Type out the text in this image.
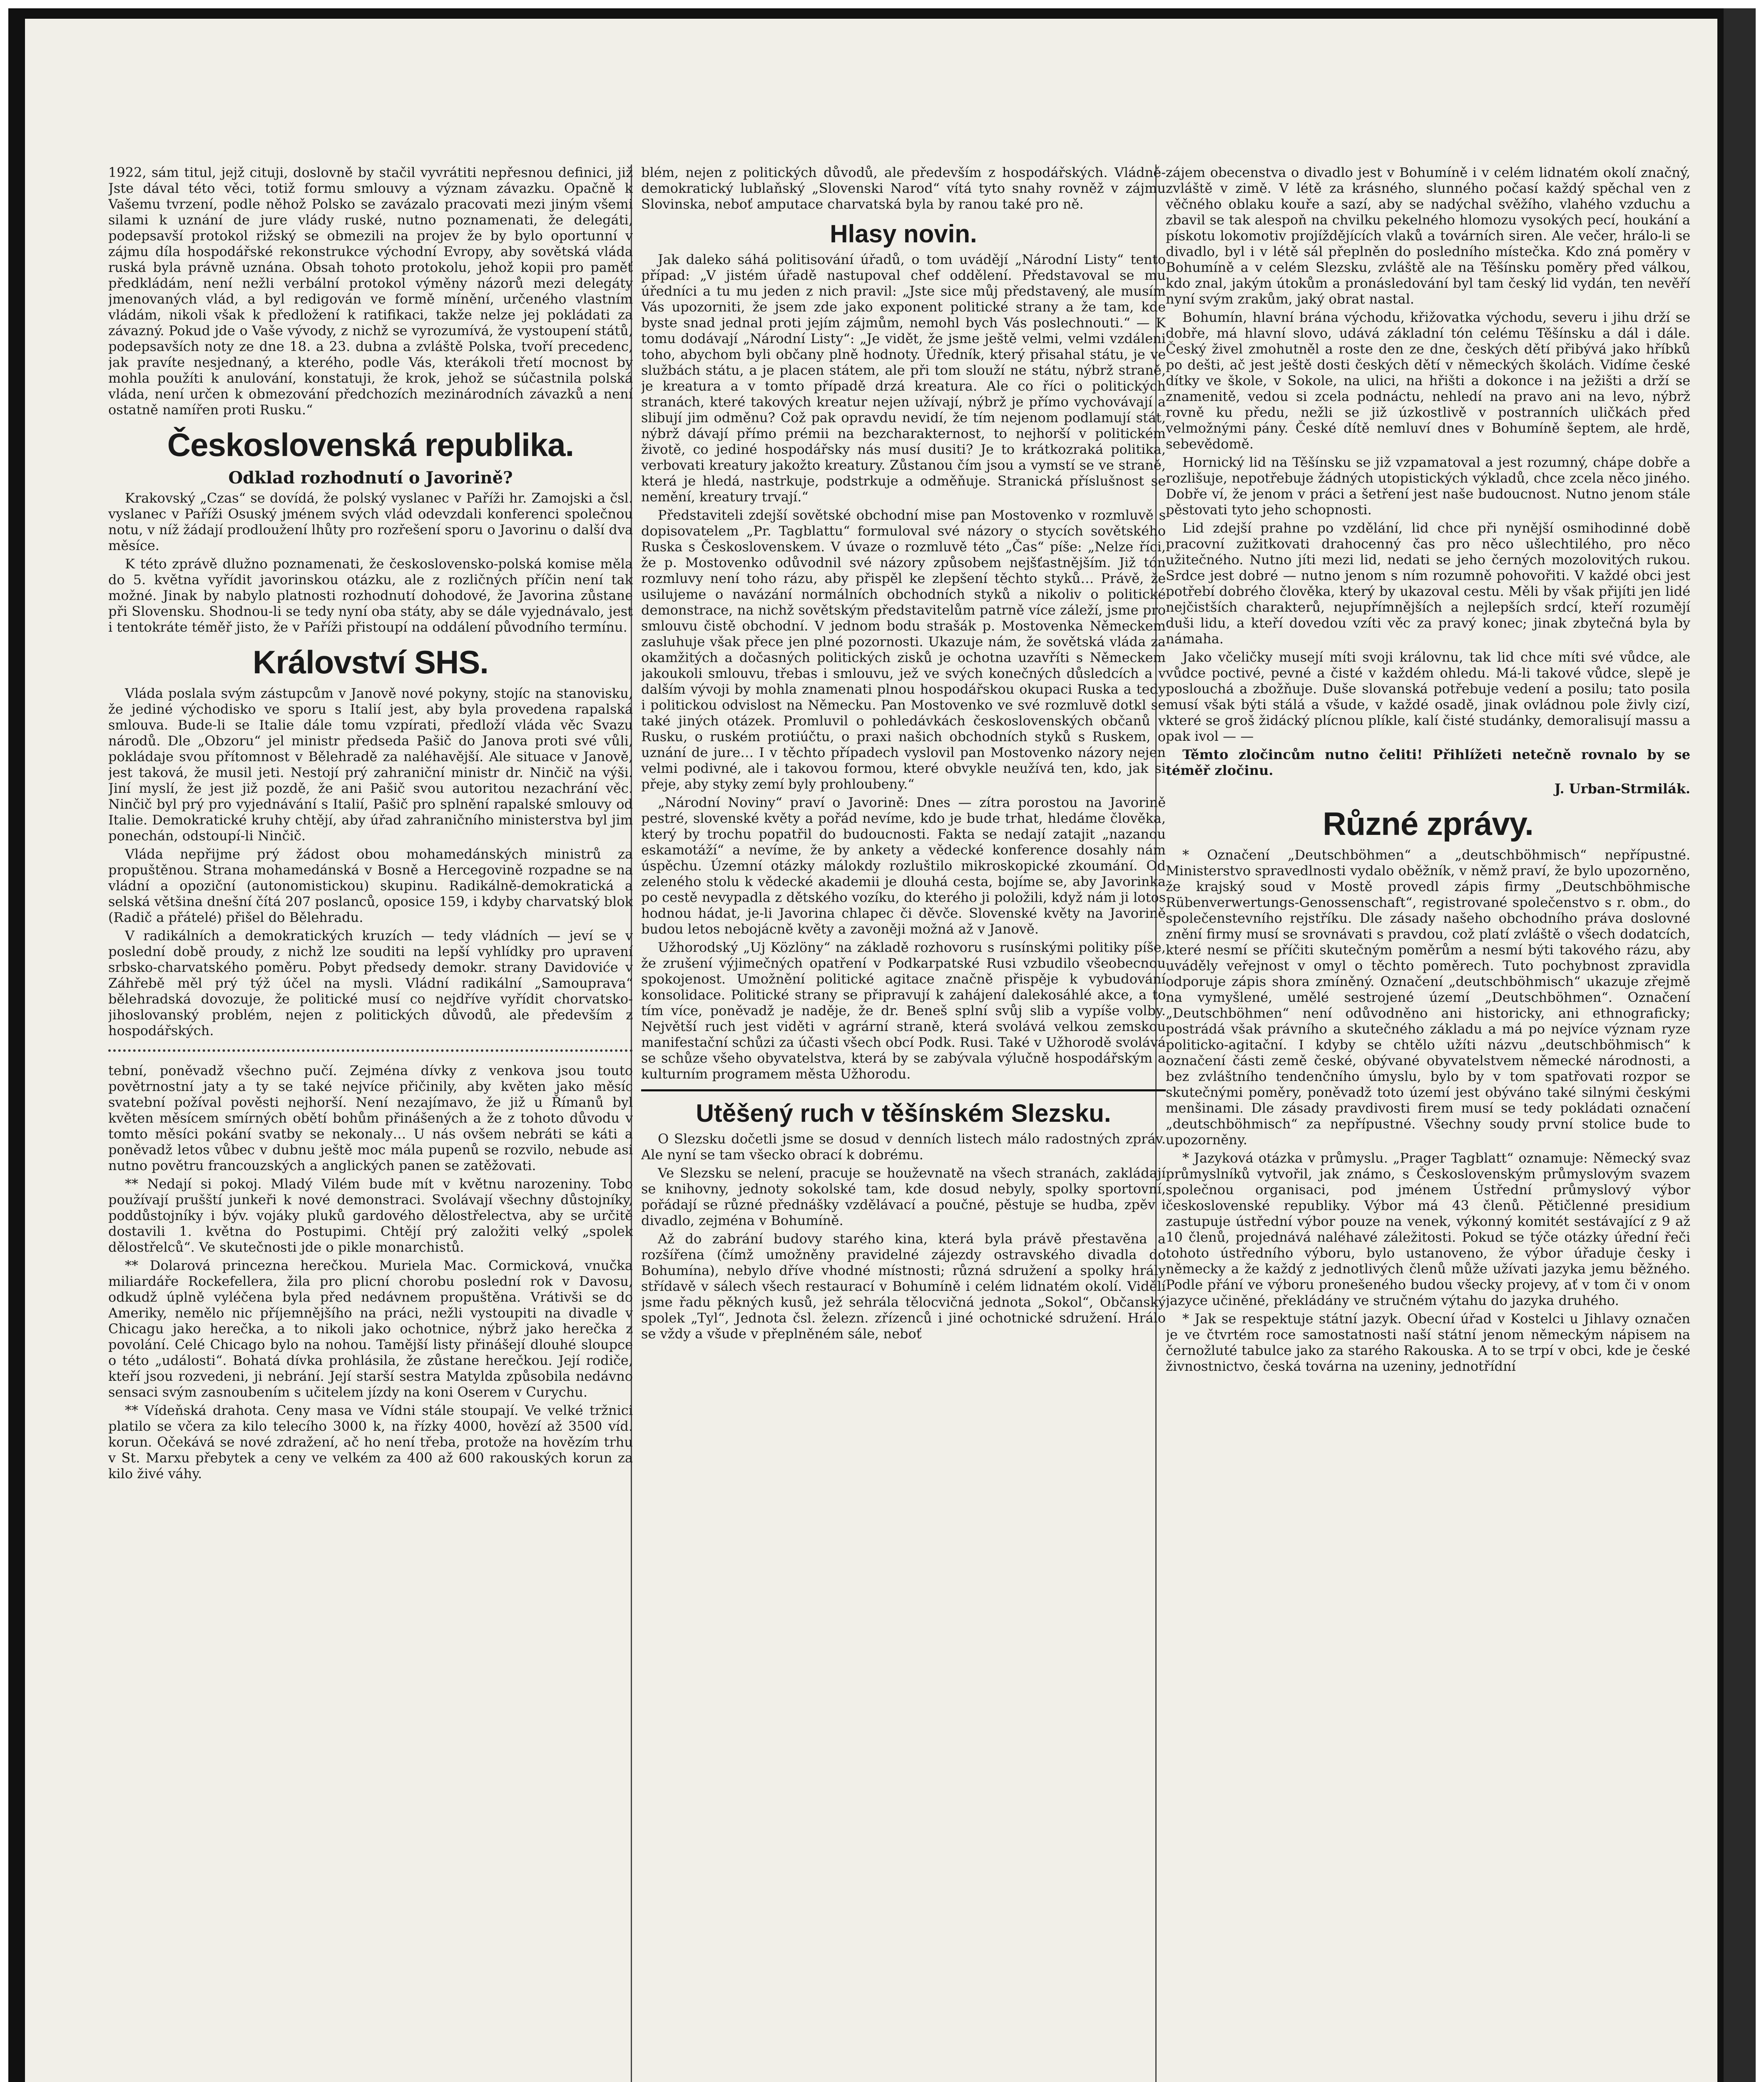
1922, sám titul, jejž cituji, doslovně by stačil vyvrátiti nepřesnou definici, již Jste dával této věci, totiž formu smlouvy a význam závazku. Opačně k Vašemu tvrzení, podle něhož Polsko se zavázalo pracovati mezi jiným všemi silami k uznání de jure vlády ruské, nutno poznamenati, že delegáti, podepsavší protokol rižský se obmezili na projev že by bylo oportunní v zájmu díla hospodářské rekonstrukce východní Evropy, aby sovětská vláda ruská byla právně uznána. Obsah tohoto protokolu, jehož kopii pro paměť předkládám, není nežli verbální protokol výměny názorů mezi delegáty jmenovaných vlád, a byl redigován ve formě mínění, určeného vlastním vládám, nikoli však k předložení k ratifikaci, takže nelze jej pokládati za závazný. Pokud jde o Vaše vývody, z nichž se vyrozumívá, že vystoupení států, podepsavších noty ze dne 18. a 23. dubna a zvláště Polska, tvoří precedenc, jak pravíte nesjednaný, a kterého, podle Vás, kterákoli třetí mocnost by mohla použíti k anulování, konstatuji, že krok, jehož se súčastnila polská vláda, není určen k obmezování předchozích mezinárodních závazků a není ostatně namířen proti Rusku.“

Československá republika.
Odklad rozhodnutí o Javorině?

Krakovský „Czas“ se dovídá, že polský vyslanec v Paříži hr. Zamojski a čsl. vyslanec v Paříži Osuský jménem svých vlád odevzdali konferenci společnou notu, v níž žádají prodloužení lhůty pro rozřešení sporu o Javorinu o další dva měsíce.

K této zprávě dlužno poznamenati, že československo-polská komise měla do 5. května vyřídit javorinskou otázku, ale z rozličných příčin není tak možné. Jinak by nabylo platnosti rozhodnutí dohodové, že Javorina zůstane při Slovensku. Shodnou-li se tedy nyní oba státy, aby se dále vyjednávalo, jest i tentokráte téměř jisto, že v Paříži přistoupí na oddálení původního termínu.

Království SHS.

Vláda poslala svým zástupcům v Janově nové pokyny, stojíc na stanovisku, že jediné východisko ve sporu s Italií jest, aby byla provedena rapalská smlouva. Bude-li se Italie dále tomu vzpírati, předloží vláda věc Svazu národů. Dle „Obzoru“ jel ministr předseda Pašič do Janova proti své vůli, pokládaje svou přítomnost v Bělehradě za naléhavější. Ale situace v Janově, jest taková, že musil jeti. Nestojí prý zahraniční ministr dr. Ninčič na výši. Jiní myslí, že jest již pozdě, že ani Pašič svou autoritou nezachrání věc. Ninčič byl prý pro vyjednávání s Italií, Pašič pro splnění rapalské smlouvy od Italie. Demokratické kruhy chtějí, aby úřad zahraničního ministerstva byl jim ponechán, odstoupí-li Ninčič.

Vláda nepřijme prý žádost obou mohamedánských ministrů za propuštěnou. Strana mohamedánská v Bosně a Hercegovině rozpadne se na vládní a opoziční (autonomistickou) skupinu. Radikálně-demokratická a selská většina dnešní čítá 207 poslanců, oposice 159, i kdyby charvatský blok (Radič a přátelé) přišel do Bělehradu.

V radikálních a demokratických kruzích — tedy vládních — jeví se v poslední době proudy, z nichž lze souditi na lepší vyhlídky pro upravení srbsko-charvatského poměru. Pobyt předsedy demokr. strany Davidoviće v Záhřebě měl prý týž účel na mysli. Vládní radikální „Samouprava“ bělehradská dovozuje, že politické musí co nejdříve vyřídit chorvatsko-jihoslovanský problém, nejen z politických důvodů, ale především z hospodářských.

tební, poněvadž všechno pučí. Zejména dívky z venkova jsou touto povětrnostní jaty a ty se také nejvíce přičinily, aby květen jako měsíc svatební požíval pověsti nejhorší. Není nezajímavo, že již u Římanů byl květen měsícem smírných obětí bohům přinášených a že z tohoto důvodu v tomto měsíci pokání svatby se nekonaly… U nás ovšem nebráti se káti a poněvadž letos vůbec v dubnu ještě moc mála pupenů se rozvilo, nebude asi nutno povětru francouzských a anglických panen se zatěžovati.

** Nedají si pokoj. Mladý Vilém bude mít v květnu narozeniny. Tobo používají prušští junkeři k nové demonstraci. Svolávají všechny důstojníky, poddůstojníky i býv. vojáky pluků gardového dělostřelectva, aby se určitě dostavili 1. května do Postupimi. Chtějí prý založiti velký „spolek dělostřelců“. Ve skutečnosti jde o pikle monarchistů.

** Dolarová princezna herečkou. Muriela Mac. Cormicková, vnučka miliardáře Rockefellera, žila pro plicní chorobu poslední rok v Davosu, odkudž úplně vyléčena byla před nedávnem propuštěna. Vrátivši se do Ameriky, nemělo nic příjemnějšího na práci, nežli vystoupiti na divadle v Chicagu jako herečka, a to nikoli jako ochotnice, nýbrž jako herečka z povolání. Celé Chicago bylo na nohou. Tamější listy přinášejí dlouhé sloupce o této „události“. Bohatá dívka prohlásila, že zůstane herečkou. Její rodiče, kteří jsou rozvedeni, ji nebrání. Její starší sestra Matylda způsobila nedávno sensaci svým zasnoubením s učitelem jízdy na koni Oserem v Curychu.

** Vídeňská drahota. Ceny masa ve Vídni stále stoupají. Ve velké tržnici platilo se včera za kilo telecího 3000 k, na řízky 4000, hovězí až 3500 víd. korun. Očekává se nové zdražení, ač ho není třeba, protože na hovězím trhu v St. Marxu přebytek a ceny ve velkém za 400 až 600 rakouských korun za kilo živé váhy.

blém, nejen z politických důvodů, ale především z hospodářských. Vládně-demokratický lublaňský „Slovenski Narod“ vítá tyto snahy rovněž v zájmu Slovinska, neboť amputace charvatská byla by ranou také pro ně.

Hlasy novin.

Jak daleko sáhá politisování úřadů, o tom uvádějí „Národní Listy“ tento případ: „V jistém úřadě nastupoval chef oddělení. Představoval se mu úředníci a tu mu jeden z nich pravil: „Jste sice můj představený, ale musím Vás upozorniti, že jsem zde jako exponent politické strany a že tam, kde byste snad jednal proti jejím zájmům, nemohl bych Vás poslechnouti.“ — K tomu dodávají „Národní Listy“: „Je vidět, že jsme ještě velmi, velmi vzdáleni toho, abychom byli občany plně hodnoty. Úředník, který přisahal státu, je ve službách státu, a je placen státem, ale při tom slouží ne státu, nýbrž straně, je kreatura a v tomto případě drzá kreatura. Ale co říci o politických stranách, které takových kreatur nejen užívají, nýbrž je přímo vychovávají a slibují jim odměnu? Což pak opravdu nevidí, že tím nejenom podlamují stát, nýbrž dávají přímo prémii na bezcharakternost, to nejhorší v politickém životě, co jediné hospodářsky nás musí dusiti? Je to krátkozraká politika, verbovati kreatury jakožto kreatury. Zůstanou čím jsou a vymstí se ve straně, která je hledá, nastrkuje, podstrkuje a odměňuje. Stranická příslušnost se nemění, kreatury trvají.“

Představiteli zdejší sovětské obchodní mise pan Mostovenko v rozmluvě s dopisovatelem „Pr. Tagblattu“ formuloval své názory o stycích sovětského Ruska s Československem. V úvaze o rozmluvě této „Čas“ píše: „Nelze říci, že p. Mostovenko odůvodnil své názory způsobem nejšťastnějším. Již tón rozmluvy není toho rázu, aby přispěl ke zlepšení těchto styků… Právě, že usilujeme o navázání normálních obchodních styků a nikoliv o politické demonstrace, na nichž sovětským představitelům patrně více záleží, jsme pro smlouvu čistě obchodní. V jednom bodu strašák p. Mostovenka Německem zasluhuje však přece jen plné pozornosti. Ukazuje nám, že sovětská vláda za okamžitých a dočasných politických zisků je ochotna uzavříti s Německem jakoukoli smlouvu, třebas i smlouvu, jež ve svých konečných důsledcích a v dalším vývoji by mohla znamenati plnou hospodářskou okupaci Ruska a tedy i politickou odvislost na Německu. Pan Mostovenko ve své rozmluvě dotkl se také jiných otázek. Promluvil o pohledávkách československých občanů v Rusku, o ruském protiúčtu, o praxi našich obchodních styků s Ruskem, o uznání de jure… I v těchto případech vyslovil pan Mostovenko názory nejen velmi podivné, ale i takovou formou, které obvykle neužívá ten, kdo, jak si přeje, aby styky zemí byly prohloubeny.“

„Národní Noviny“ praví o Javorině: Dnes — zítra porostou na Javorině pestré, slovenské květy a pořád nevíme, kdo je bude trhat, hledáme člověka, který by trochu popatřil do budoucnosti. Fakta se nedají zatajit „nazanou eskamotáží“ a nevíme, že by ankety a vědecké konference dosahly nám úspěchu. Územní otázky málokdy rozluštilo mikroskopické zkoumání. Od zeleného stolu k vědecké akademii je dlouhá cesta, bojíme se, aby Javorinka po cestě nevypadla z dětského vozíku, do kterého ji položili, když nám ji lotos hodnou hádat, je-li Javorina chlapec či děvče. Slovenské květy na Javorině budou letos nebojácně květy a zavoněji možná až v Janově.

Užhorodský „Uj Közlöny“ na základě rozhovoru s rusínskými politiky píše, že zrušení výjimečných opatření v Podkarpatské Rusi vzbudilo všeobecnou spokojenost. Umožnění politické agitace značně přispěje k vybudování konsolidace. Politické strany se připravují k zahájení dalekosáhlé akce, a to tím více, poněvadž je naděje, že dr. Beneš splní svůj slib a vypíše volby. Největší ruch jest viděti v agrární straně, která svolává velkou zemskou manifestační schůzi za účasti všech obcí Podk. Rusi. Také v Užhorodě svolává se schůze všeho obyvatelstva, která by se zabývala výlučně hospodářským a kulturním programem města Užhorodu.

Utěšený ruch v těšínském Slezsku.

O Slezsku dočetli jsme se dosud v denních listech málo radostných zpráv. Ale nyní se tam všecko obrací k dobrému.

Ve Slezsku se nelení, pracuje se houževnatě na všech stranách, zakládají se knihovny, jednoty sokolské tam, kde dosud nebyly, spolky sportovní, pořádají se různé přednášky vzdělávací a poučné, pěstuje se hudba, zpěv i divadlo, zejména v Bohumíně.

Až do zabrání budovy starého kina, která byla právě přestavěna a rozšířena (čímž umožněny pravidelné zájezdy ostravského divadla do Bohumína), nebylo dříve vhodné místnosti; různá sdružení a spolky hrály střídavě v sálech všech restaurací v Bohumíně i celém lidnatém okolí. Vidělí jsme řadu pěkných kusů, jež sehrála tělocvičná jednota „Sokol“, Občanský spolek „Tyl“, Jednota čsl. železn. zřízenců i jiné ochotnické sdružení. Hrálo se vždy a všude v přeplněném sále, neboť

zájem obecenstva o divadlo jest v Bohumíně i v celém lidnatém okolí značný, zvláště v zimě. V létě za krásného, slunného počasí každý spěchal ven z věčného oblaku kouře a sazí, aby se nadýchal svěžího, vlahého vzduchu a zbavil se tak alespoň na chvilku pekelného hlomozu vysokých pecí, houkání a pískotu lokomotiv projíždějících vlaků a továrních siren. Ale večer, hrálo-li se divadlo, byl i v létě sál přeplněn do posledního místečka. Kdo zná poměry v Bohumíně a v celém Slezsku, zvláště ale na Těšínsku poměry před válkou, kdo znal, jakým útokům a pronásledování byl tam český lid vydán, ten nevěří nyní svým zrakům, jaký obrat nastal.

Bohumín, hlavní brána východu, křižovatka východu, severu i jihu drží se dobře, má hlavní slovo, udává základní tón celému Těšínsku a dál i dále. Český živel zmohutněl a roste den ze dne, českých dětí přibývá jako hříbků po dešti, ač jest ještě dosti českých dětí v německých školách. Vidíme české dítky ve škole, v Sokole, na ulici, na hřišti a dokonce i na ježišti a drží se znamenitě, vedou si zcela podnáctu, nehledí na pravo ani na levo, nýbrž rovně ku předu, nežli se již úzkostlivě v postranních uličkách před velmožnými pány. České dítě nemluví dnes v Bohumíně šeptem, ale hrdě, sebevědomě.

Hornický lid na Těšínsku se již vzpamatoval a jest rozumný, chápe dobře a rozlišuje, nepotřebuje žádných utopistických výkladů, chce zcela něco jiného. Dobře ví, že jenom v práci a šetření jest naše budoucnost. Nutno jenom stále pěstovati tyto jeho schopnosti.

Lid zdejší prahne po vzdělání, lid chce při nynější osmihodinné době pracovní zužitkovati drahocenný čas pro něco ušlechtilého, pro něco užitečného. Nutno jíti mezi lid, nedati se jeho černých mozolovitých rukou. Srdce jest dobré — nutno jenom s ním rozumně pohovořiti. V každé obci jest potřebí dobrého člověka, který by ukazoval cestu. Měli by však přijíti jen lidé nejčistších charakterů, nejupřímnějších a nejlepších srdcí, kteří rozumějí duši lidu, a kteří dovedou vzíti věc za pravý konec; jinak zbytečná byla by námaha.

Jako včeličky musejí míti svoji královnu, tak lid chce míti své vůdce, ale vůdce poctivé, pevné a čisté v každém ohledu. Má-li takové vůdce, slepě je poslouchá a zbožňuje. Duše slovanská potřebuje vedení a posilu; tato posila musí však býti stálá a všude, v každé osadě, jinak ovládnou pole živly cizí, které se groš židácký plícnou plíkle, kalí čisté studánky, demoralisují massu a pak ivol — —

Těmto zločincům nutno čeliti! Přihlížeti netečně rovnalo by se téměř zločinu.

J. Urban-Strmilák.

Různé zprávy.

* Označení „Deutschböhmen“ a „deutschböhmisch“ nepřípustné. Ministerstvo spravedlnosti vydalo oběžník, v němž praví, že bylo upozorněno, že krajský soud v Mostě provedl zápis firmy „Deutschböhmische Rübenverwertungs-Genossenschaft“, registrované společenstvo s r. obm., do společenstevního rejstříku. Dle zásady našeho obchodního práva doslovné znění firmy musí se srovnávati s pravdou, což platí zvláště o všech dodatcích, které nesmí se příčiti skutečným poměrům a nesmí býti takového rázu, aby uváděly veřejnost v omyl o těchto poměrech. Tuto pochybnost zpravidla odporuje zápis shora zmíněný. Označení „deutschböhmisch“ ukazuje zřejmě na vymyšlené, umělé sestrojené území „Deutschböhmen“. Označení „Deutschböhmen“ není odůvodněno ani historicky, ani ethnograficky; postrádá však právního a skutečného základu a má po nejvíce význam ryze politicko-agitační. I kdyby se chtělo užíti názvu „deutschböhmisch“ k označení části země české, obývané obyvatelstvem německé národnosti, a bez zvláštního tendenčního úmyslu, bylo by v tom spatřovati rozpor se skutečnými poměry, poněvadž toto území jest obýváno také silnými českými menšinami. Dle zásady pravdivosti firem musí se tedy pokládati označení „deutschböhmisch“ za nepřípustné. Všechny soudy první stolice bude to upozorněny.

* Jazyková otázka v průmyslu. „Prager Tagblatt“ oznamuje: Německý svaz průmyslníků vytvořil, jak známo, s Československým průmyslovým svazem společnou organisaci, pod jménem Ústřední průmyslový výbor československé republiky. Výbor má 43 členů. Pětičlenné presidium zastupuje ústřední výbor pouze na venek, výkonný komitét sestávající z 9 až 10 členů, projednává naléhavé záležitosti. Pokud se týče otázky úřední řeči tohoto ústředního výboru, bylo ustanoveno, že výbor úřaduje česky i německy a že každý z jednotlivých členů může užívati jazyka jemu běžného. Podle přání ve výboru pronešeného budou všecky projevy, ať v tom či v onom jazyce učiněné, překládány ve stručném výtahu do jazyka druhého.

* Jak se respektuje státní jazyk. Obecní úřad v Kostelci u Jihlavy označen je ve čtvrtém roce samostatnosti naší státní jenom německým nápisem na černožluté tabulce jako za starého Rakouska. A to se trpí v obci, kde je české živnostnictvo, česká továrna na uzeniny, jednotřídní
